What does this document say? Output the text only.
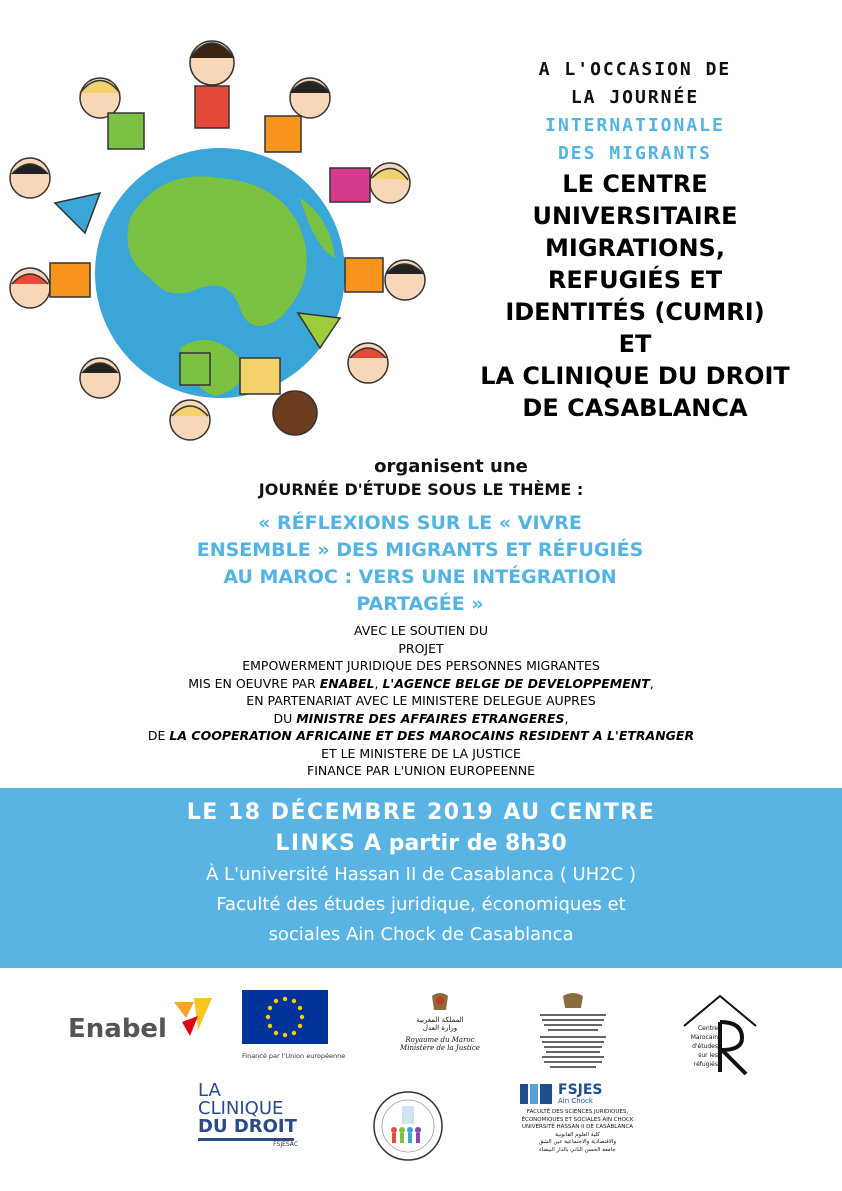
A L'OCCASION DE
LA JOURNÉE
INTERNATIONALE
DES MIGRANTS
LE CENTRE
UNIVERSITAIRE
MIGRATIONS,
REFUGIÉS ET
IDENTITÉS (CUMRI)
ET
LA CLINIQUE DU DROIT
DE CASABLANCA
organisent une
JOURNÉE D'ÉTUDE SOUS LE THÈME :
« RÉFLEXIONS SUR LE « VIVRE
ENSEMBLE » DES MIGRANTS ET RÉFUGIÉS
AU MAROC : VERS UNE INTÉGRATION
PARTAGÉE »
AVEC LE SOUTIEN DU
PROJET
EMPOWERMENT JURIDIQUE DES PERSONNES MIGRANTES
MIS EN OEUVRE PAR ENABEL, L'AGENCE BELGE DE DEVELOPPEMENT,
EN PARTENARIAT AVEC LE MINISTERE DELEGUE AUPRES
DU MINISTRE DES AFFAIRES ETRANGERES,
DE LA COOPERATION AFRICAINE ET DES MAROCAINS RESIDENT A L'ETRANGER
ET LE MINISTERE DE LA JUSTICE
FINANCE PAR L'UNION EUROPEENNE
LE 18 DÉCEMBRE 2019 AU CENTRE
LINKS A partir de 8h30
À L'université Hassan II de Casablanca ( UH2C )
Faculté des études juridique, économiques et
sociales Ain Chock de Casablanca
Enabel
Financé par l'Union européenne
المملكة المغربية
وزارة العدل
Royaume du Maroc
Ministère de la Justice
Centre
Marocain
d'études
sur les
réfugiés
LA
CLINIQUE
DU DROIT
FSJESAC
FSJES
Ain Chock
FACULTÉ DES SCIENCES JURIDIQUES,
ÉCONOMIQUES ET SOCIALES AIN CHOCK
UNIVERSITÉ HASSAN II DE CASABLANCA
كلية العلوم القانونية
والاقتصادية والاجتماعية عين الشق
جامعة الحسن الثاني بالدار البيضاء
